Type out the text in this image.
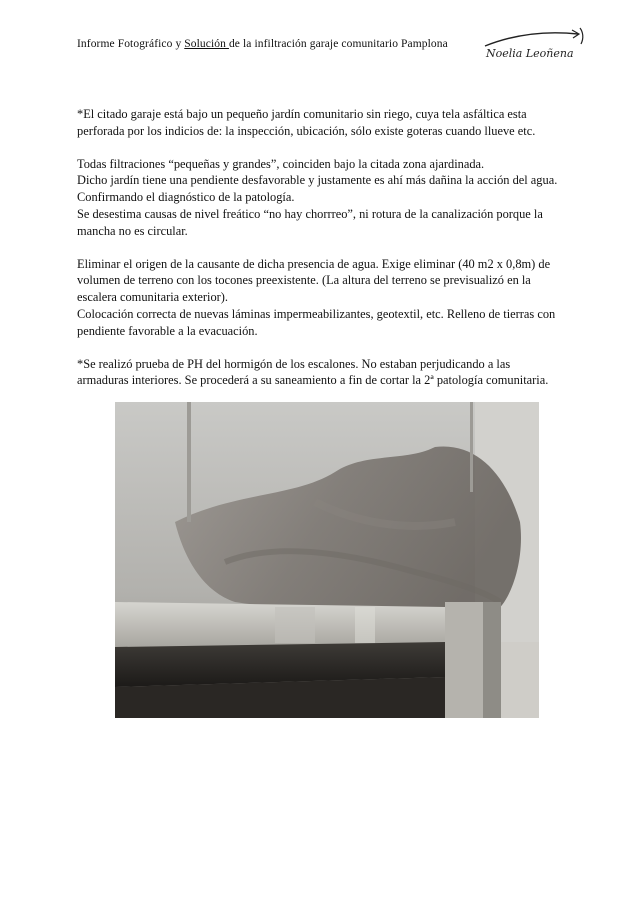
Informe Fotográfico y Solución de la infiltración garaje comunitario Pamplona
Noelia Leoñena

*El citado garaje está bajo un pequeño jardín comunitario sin riego, cuya tela asfáltica esta

perforada por los indicios de: la inspección, ubicación, sólo existe goteras cuando llueve etc.

Todas filtraciones “pequeñas y grandes”, coinciden bajo la citada zona ajardinada.

Dicho jardín tiene una pendiente desfavorable y justamente es ahí más dañina la acción del agua.

Confirmando el diagnóstico de la patología.

Se desestima causas de nivel freático “no hay chorrreo”, ni rotura de la canalización porque la

mancha no es circular.

Eliminar el origen de la causante de dicha presencia de agua. Exige eliminar (40 m2 x 0,8m) de

volumen de terreno con los tocones preexistente. (La altura del terreno se previsualizó en la

escalera comunitaria exterior).

Colocación correcta de nuevas láminas impermeabilizantes, geotextil, etc. Relleno de tierras con

pendiente favorable a la evacuación.

*Se realizó prueba de PH del hormigón de los escalones. No estaban perjudicando a las

armaduras interiores. Se procederá a su saneamiento a fin de cortar la 2ª patología comunitaria.
